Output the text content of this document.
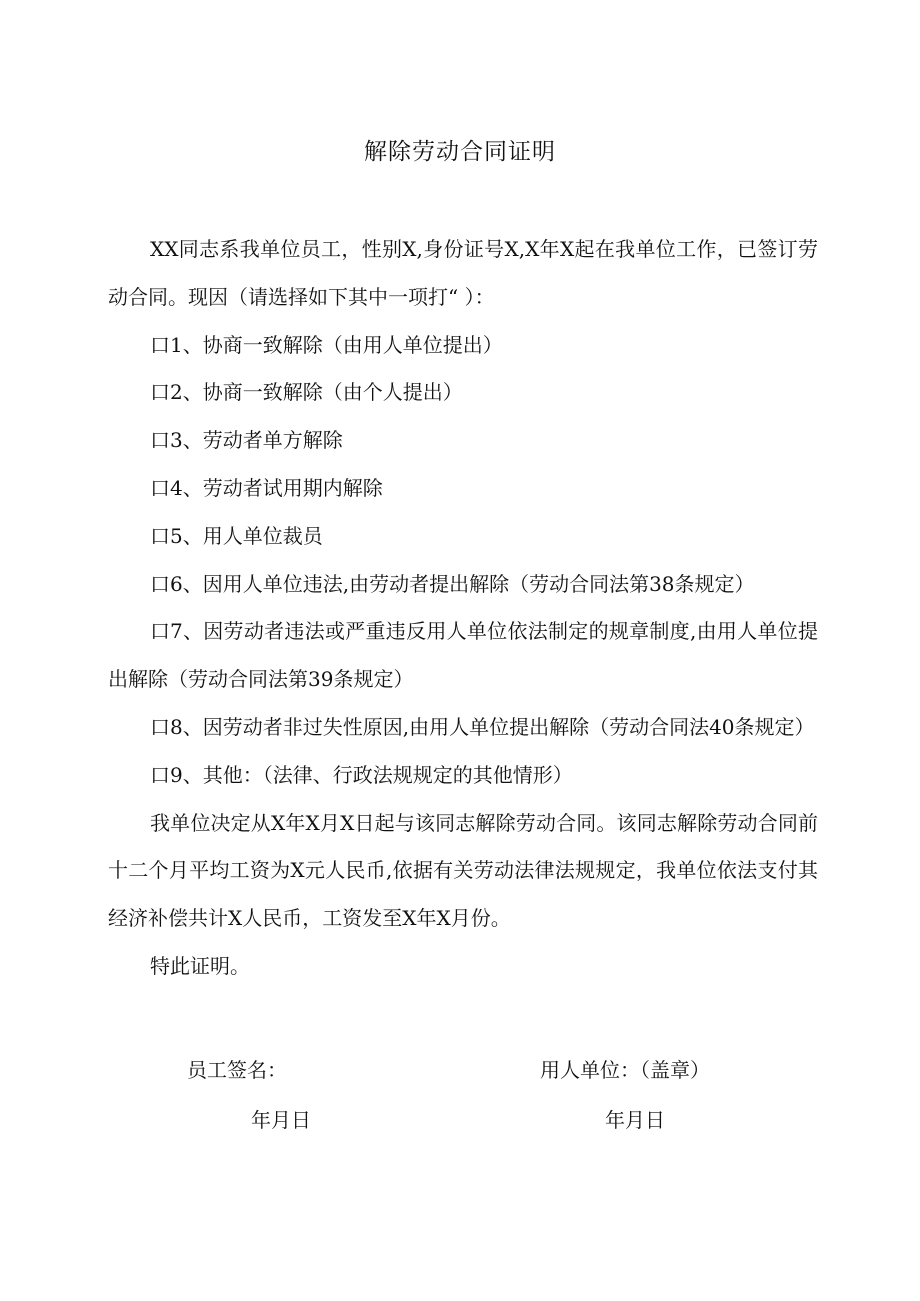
解除劳动合同证明

XX同志系我单位员工，性别X,身份证号X,X年X起在我单位工作，已签订劳动合同。现因（请选择如下其中一项打“ ）：

口1、协商一致解除（由用人单位提出）

口2、协商一致解除（由个人提出）

口3、劳动者单方解除

口4、劳动者试用期内解除

口5、用人单位裁员

口6、因用人单位违法,由劳动者提出解除（劳动合同法第38条规定）

口7、因劳动者违法或严重违反用人单位依法制定的规章制度,由用人单位提出解除（劳动合同法第39条规定）

口8、因劳动者非过失性原因,由用人单位提出解除（劳动合同法40条规定）

口9、其他：（法律、行政法规规定的其他情形）

我单位决定从X年X月X日起与该同志解除劳动合同。该同志解除劳动合同前十二个月平均工资为X元人民币,依据有关劳动法律法规规定，我单位依法支付其经济补偿共计X人民币，工资发至X年X月份。

特此证明。

员工签名：	用人单位：（盖章）
年月日	年月日
